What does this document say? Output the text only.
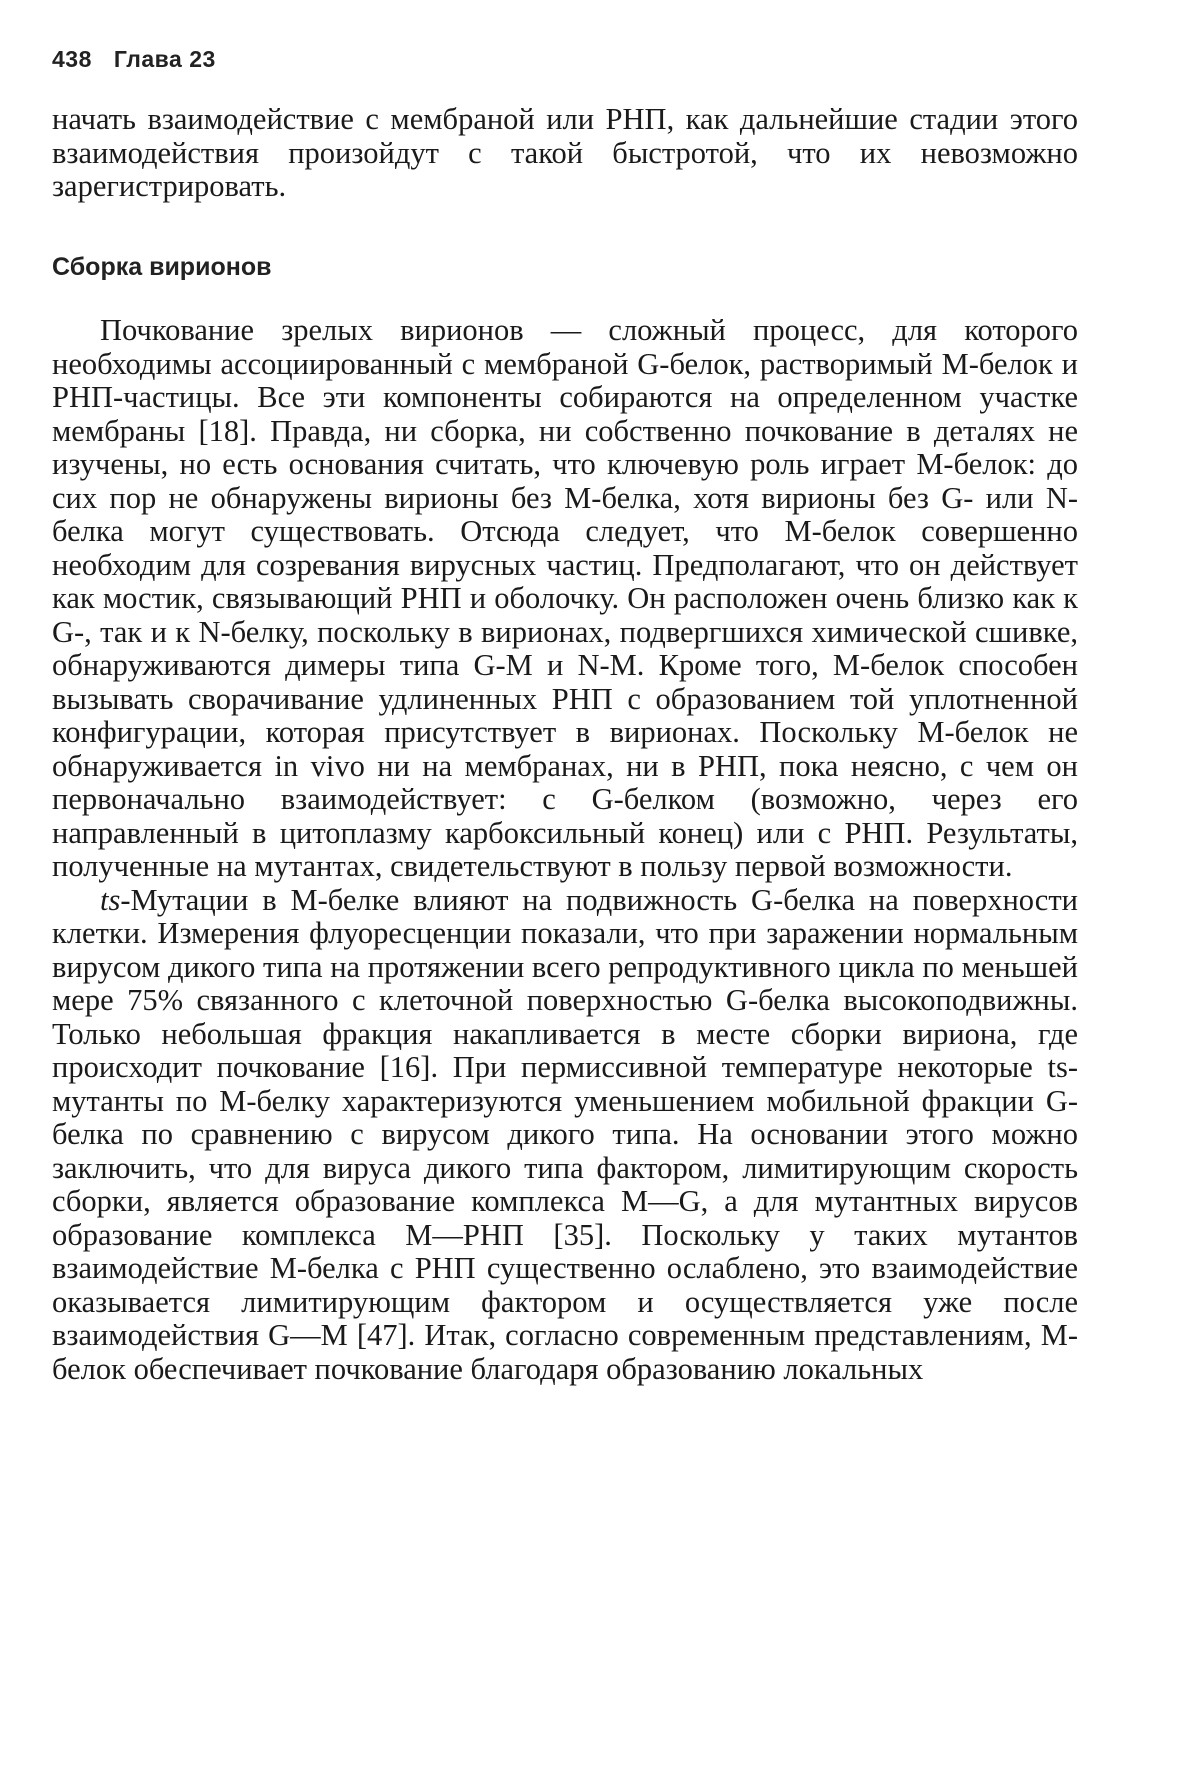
438 Глава 23

начать взаимодействие с мембраной или РНП, как дальнейшие стадии этого взаимодействия произойдут с такой быстротой, что их невозможно зарегистрировать.

Сборка вирионов

Почкование зрелых вирионов — сложный процесс, для которого необходимы ассоциированный с мембраной G-белок, растворимый М-белок и РНП-частицы. Все эти компоненты собираются на определенном участке мембраны [18]. Правда, ни сборка, ни собственно почкование в деталях не изучены, но есть основания считать, что ключевую роль играет М-белок: до сих пор не обнаружены вирионы без М-белка, хотя вирионы без G- или N-белка могут существовать. Отсюда следует, что М-белок совершенно необходим для созревания вирусных частиц. Предполагают, что он действует как мостик, связывающий РНП и оболочку. Он расположен очень близко как к G-, так и к N-белку, поскольку в вирионах, подвергшихся химической сшивке, обнаруживаются димеры типа G-М и N-М. Кроме того, М-белок способен вызывать сворачивание удлиненных РНП с образованием той уплотненной конфигурации, которая присутствует в вирионах. Поскольку М-белок не обнаруживается in vivo ни на мембранах, ни в РНП, пока неясно, с чем он первоначально взаимодействует: с G-белком (возможно, через его направленный в цитоплазму карбоксильный конец) или с РНП. Результаты, полученные на мутантах, свидетельствуют в пользу первой возможности.

ts-Мутации в М-белке влияют на подвижность G-белка на поверхности клетки. Измерения флуоресценции показали, что при заражении нормальным вирусом дикого типа на протяжении всего репродуктивного цикла по меньшей мере 75% связанного с клеточной поверхностью G-белка высокоподвижны. Только небольшая фракция накапливается в месте сборки вириона, где происходит почкование [16]. При пермиссивной температуре некоторые ts-мутанты по М-белку характеризуются уменьшением мобильной фракции G-белка по сравнению с вирусом дикого типа. На основании этого можно заключить, что для вируса дикого типа фактором, лимитирующим скорость сборки, является образование комплекса М—G, а для мутантных вирусов образование комплекса М—РНП [35]. Поскольку у таких мутантов взаимодействие М-белка с РНП существенно ослаблено, это взаимодействие оказывается лимитирующим фактором и осуществляется уже после взаимодействия G—М [47]. Итак, согласно современным представлениям, М-белок обеспечивает почкование благодаря образованию локальных
